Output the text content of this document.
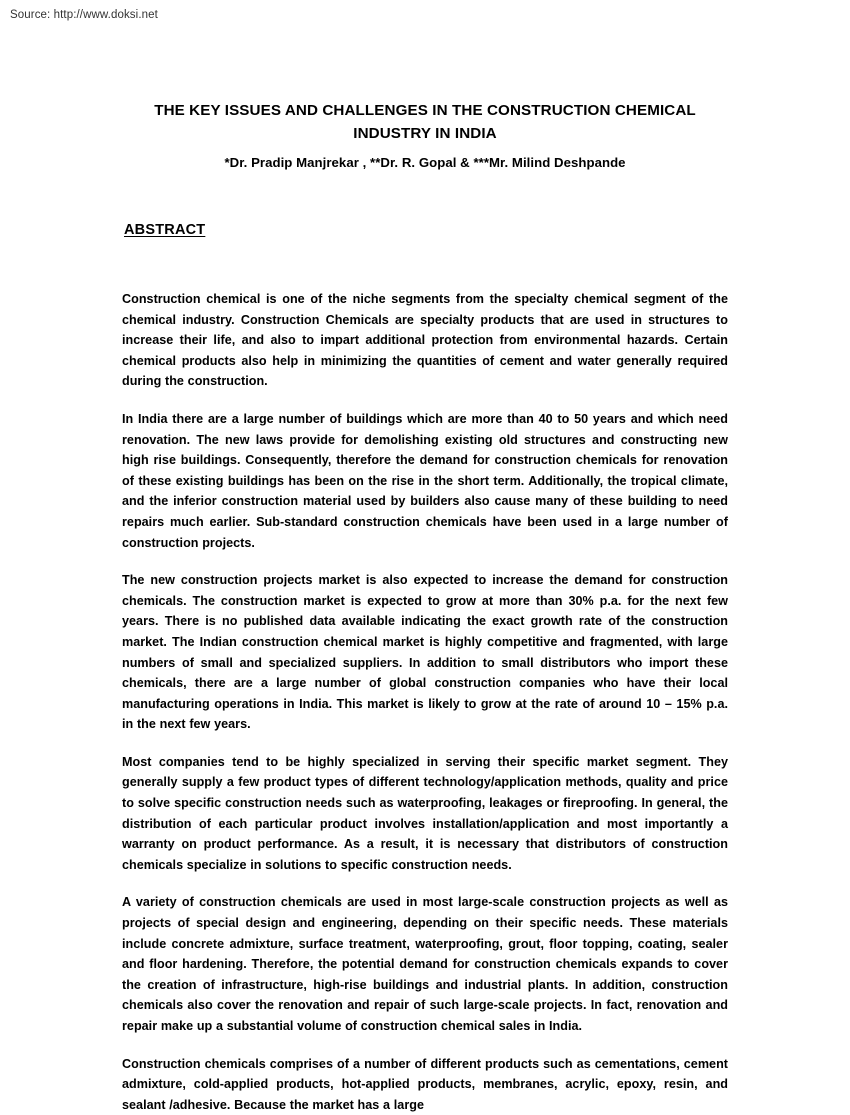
Source: http://www.doksi.net
THE KEY ISSUES AND CHALLENGES IN THE CONSTRUCTION CHEMICAL INDUSTRY IN INDIA
*Dr. Pradip Manjrekar , **Dr. R. Gopal & ***Mr. Milind Deshpande
ABSTRACT

Construction chemical is one of the niche segments from the specialty chemical segment of the chemical industry. Construction Chemicals are specialty products that are used in structures to increase their life, and also to impart additional protection from environmental hazards. Certain chemical products also help in minimizing the quantities of cement and water generally required during the construction.

In India there are a large number of buildings which are more than 40 to 50 years and which need renovation. The new laws provide for demolishing existing old structures and constructing new high rise buildings. Consequently, therefore the demand for construction chemicals for renovation of these existing buildings has been on the rise in the short term. Additionally, the tropical climate, and the inferior construction material used by builders also cause many of these building to need repairs much earlier. Sub-standard construction chemicals have been used in a large number of construction projects.

The new construction projects market is also expected to increase the demand for construction chemicals. The construction market is expected to grow at more than 30% p.a. for the next few years. There is no published data available indicating the exact growth rate of the construction market. The Indian construction chemical market is highly competitive and fragmented, with large numbers of small and specialized suppliers. In addition to small distributors who import these chemicals, there are a large number of global construction companies who have their local manufacturing operations in India. This market is likely to grow at the rate of around 10 – 15% p.a. in the next few years.

Most companies tend to be highly specialized in serving their specific market segment. They generally supply a few product types of different technology/application methods, quality and price to solve specific construction needs such as waterproofing, leakages or fireproofing. In general, the distribution of each particular product involves installation/application and most importantly a warranty on product performance. As a result, it is necessary that distributors of construction chemicals specialize in solutions to specific construction needs.

A variety of construction chemicals are used in most large-scale construction projects as well as projects of special design and engineering, depending on their specific needs. These materials include concrete admixture, surface treatment, waterproofing, grout, floor topping, coating, sealer and floor hardening. Therefore, the potential demand for construction chemicals expands to cover the creation of infrastructure, high-rise buildings and industrial plants. In addition, construction chemicals also cover the renovation and repair of such large-scale projects. In fact, renovation and repair make up a substantial volume of construction chemical sales in India.

Construction chemicals comprises of a number of different products such as cementations, cement admixture, cold-applied products, hot-applied products, membranes, acrylic, epoxy, resin, and sealant /adhesive. Because the market has a large
